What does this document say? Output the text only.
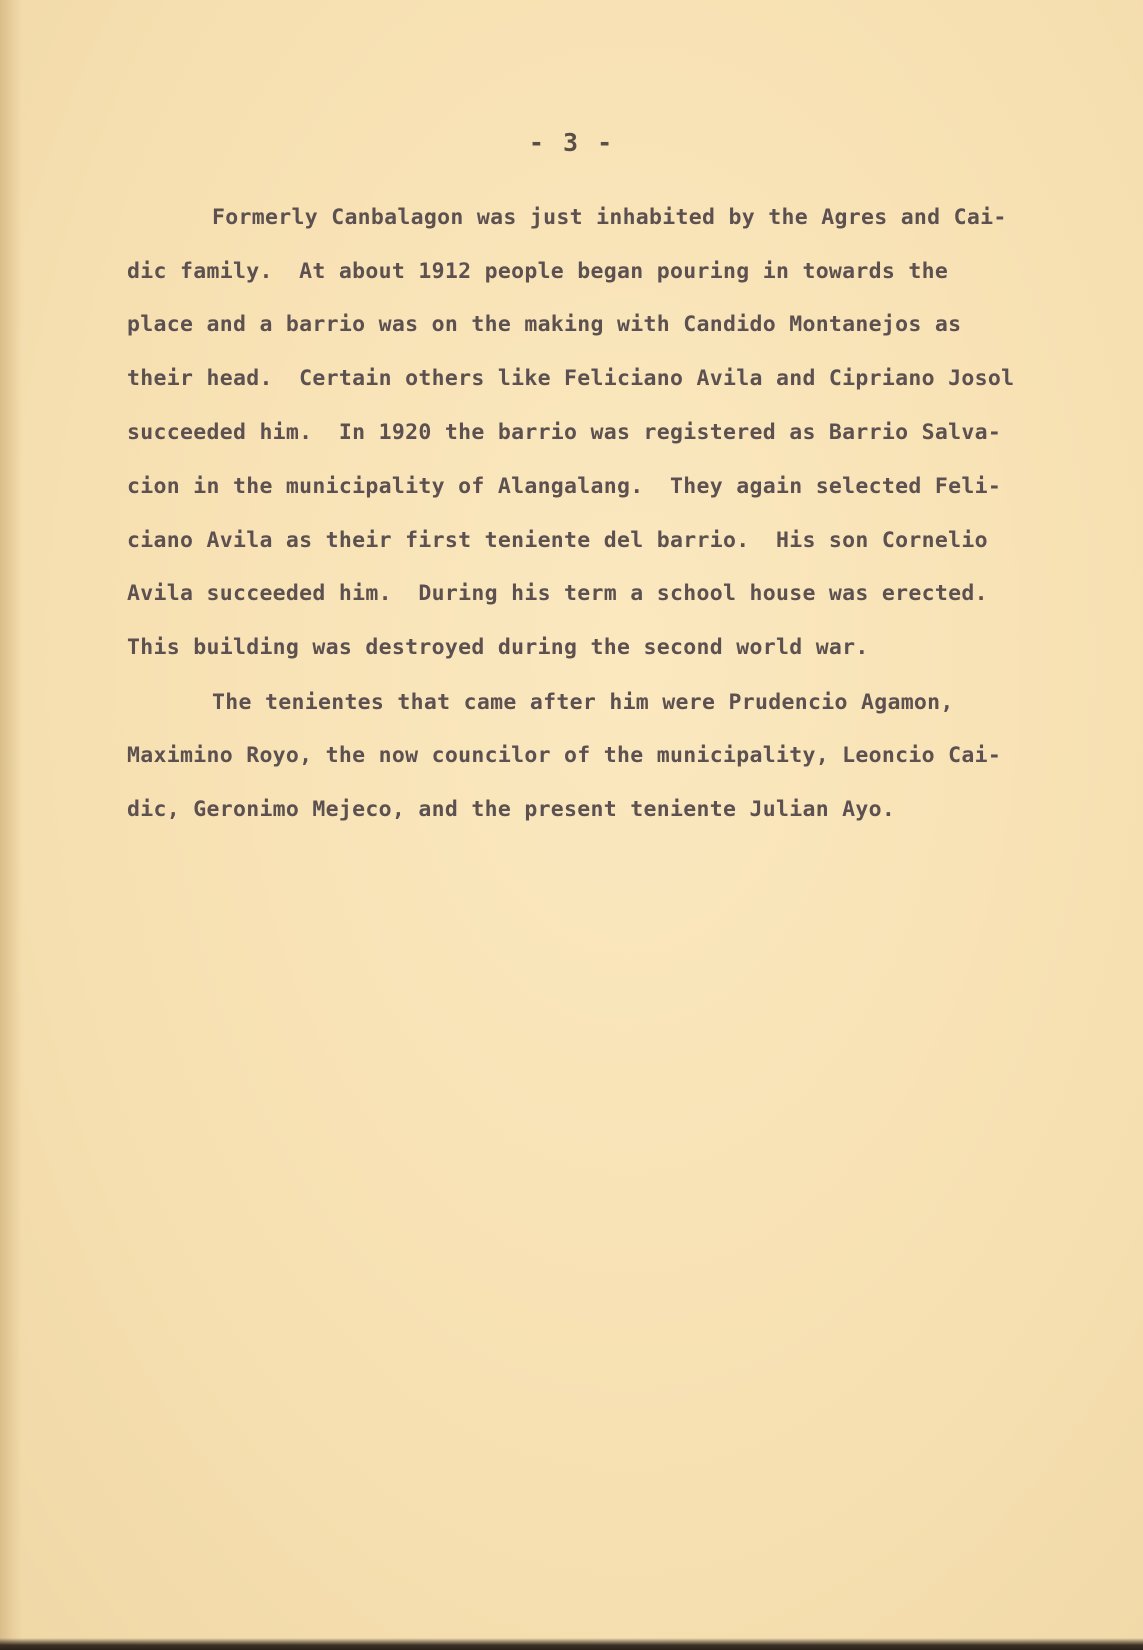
- 3 -
Formerly Canbalagon was just inhabited by the Agres and Cai-
dic family.  At about 1912 people began pouring in towards the
place and a barrio was on the making with Candido Montanejos as
their head.  Certain others like Feliciano Avila and Cipriano Josol
succeeded him.  In 1920 the barrio was registered as Barrio Salva-
cion in the municipality of Alangalang.  They again selected Feli-
ciano Avila as their first teniente del barrio.  His son Cornelio
Avila succeeded him.  During his term a school house was erected.
This building was destroyed during the second world war.
The tenientes that came after him were Prudencio Agamon,
Maximino Royo, the now councilor of the municipality, Leoncio Cai-
dic, Geronimo Mejeco, and the present teniente Julian Ayo.
